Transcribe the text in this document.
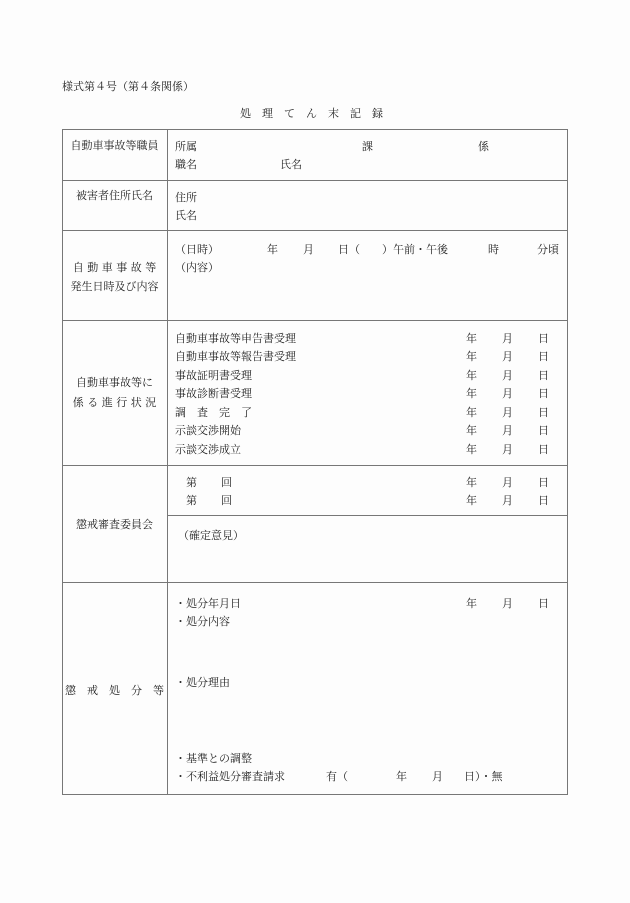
様式第４号（第４条関係）
処　理　て　ん　末　記　録
自動車事故等職員	所属	課	係
職名	氏名
被害者住所氏名	住所
氏名
自 動 車 事 故 等
発生日時及び内容
（日時）	年 月 日（　　）午前・午後	時	分頃
（内容）
自動車事故等に
係 る 進 行 状 況
自動車事故等申告書受理	年 月 日
自動車事故等報告書受理	年 月 日
事故証明書受理	年 月 日
事故診断書受理	年 月 日
調　査　完　了	年 月 日
示談交渉開始	年 月 日
示談交渉成立	年 月 日
懲戒審査委員会
第 回	年 月 日
第 回	年 月 日
（確定意見）
懲　戒　処　分　等
・処分年月日	年 月 日
・処分内容
・処分理由
・基準との調整
・不利益処分審査請求	有（	年 月 日）・無
